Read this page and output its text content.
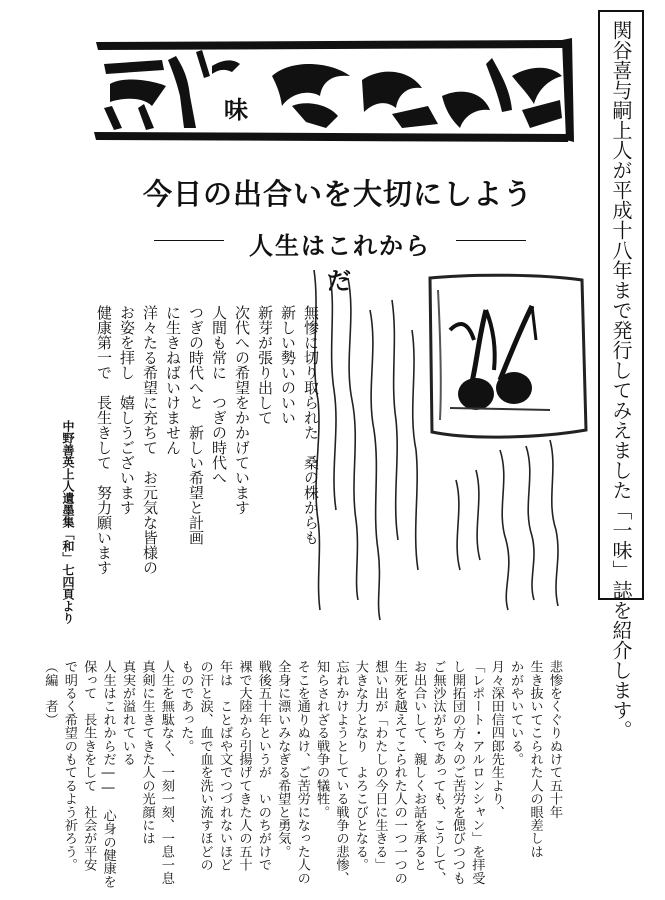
関谷喜与嗣上人が平成十八年まで発行してみえました「一味」誌を紹介します。
味
今日の出合いを大切にしよう
人生はこれからだ
無惨に切り取られた　桑の株からも
新しい勢いのいい
新芽が張り出して
次代への希望をかかげています
人間も常に　つぎの時代へ
つぎの時代へと　新しい希望と計画
に生きねばいけません
洋々たる希望に充ちて　お元気な皆様の
お姿を拝し　嬉しうございます
健康第一で　長生きして　努力願います
中野善英上人遺墨集「和」七四頁より
悲惨をくぐりぬけて五十年
生き抜いてこられた人の眼差しは
かがやいている。
月々深田信四郎先生より、
「レポート・アルロンシャン」を拝受
し開拓団の方々のご苦労を偲びつつも
ご無沙汰がちであっても、こうして、
お出合いして、親しくお話を承ると
生死を越えてこられた人の一つ一つの
想い出が「わたしの今日に生きる」
大きな力となり　よろこびとなる。
忘れかけようとしている戦争の悲惨、
知らされざる戦争の犠牲。
そこを通りぬけ、ご苦労になった人の
全身に漂いみなぎる希望と勇気。
戦後五十年というが　いのちがけで
裸で大陸から引揚げてきた人の五十
年は　ことばや文でつづれないほど
の汗と涙、血で血を洗い流すほどの
ものであった。
人生を無駄なく、一刻一刻、一息一息
真剣に生きてきた人の光顔には
真実が溢れている
人生はこれからだ――　心身の健康を
保って　長生きをして　社会が平安
で明るく希望のもてるよう祈ろう。
（編　者）
